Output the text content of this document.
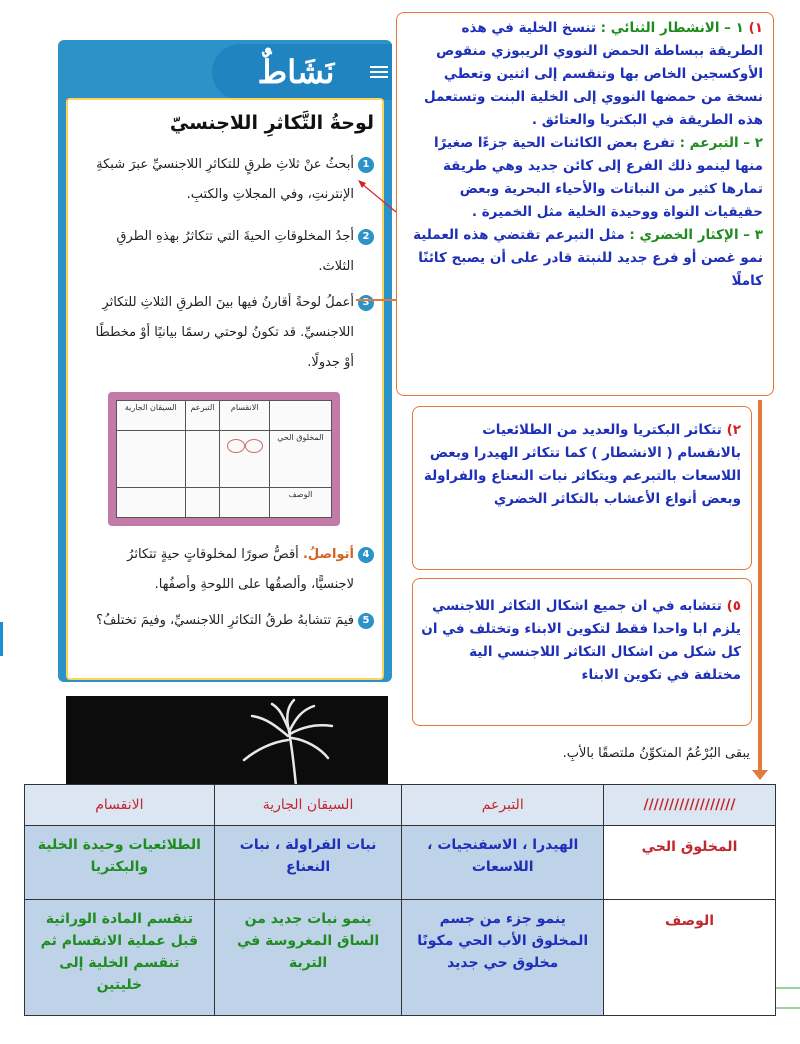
نَشَاطٌ
لوحةُ التَّكاثرِ اللاجنسيّ
1
أبحثُ عنْ ثلاثِ طرقٍ للتكاثرِ اللاجنسيِّ عبرَ شبكةِ الإنترنتِ، وفي المجلاتِ والكتبِ.
2
أجدُ المخلوقاتِ الحيةَ التي تتكاثرُ بهذهِ الطرقِ الثلاث.
3
أعملُ لوحةً أقارنُ فيها بينَ الطرقِ الثلاثِ للتكاثرِ اللاجنسيِّ. قد تكونُ لوحتي رسمًا بيانيًا أوْ مخططًا أوْ جدولًا.
	الانقسام	التبرعم	السيقان الجارية
المخلوق الحي			
الوصف			
4
أتواصلُ. أقصُّ صورًا لمخلوقاتٍ حيةٍ تتكاثرُ لاجنسيًّا، وألصقُها على اللوحةِ وأصفُها.
5
فيمَ تتشابهُ طرقُ التكاثرِ اللاجنسيِّ، وفيمَ تختلفُ؟
يبقى البُرْعُمُ المتكوِّنُ ملتصقًا بالأبِ.
١) ١ – الانشطار الثنائي : تنسخ الخلية في هذه الطريقة ببساطة الحمض النووي الريبوزي منقوص الأوكسجين الخاص بها وتنقسم إلى اثنين وتعطي نسخة من حمضها النووي إلى الخلية البنت وتستعمل هذه الطريقة في البكتريا والعتائق .
٢ – التبرعم : تفرع بعض الكائنات الحية جزءًا صغيرًا منها لينمو ذلك الفرع إلى كائن جديد وهي طريقة تمارها كثير من النباتات والأحياء البحرية وبعض حقيقيات النواة ووحيدة الخلية مثل الخميرة .
٣ – الإكثار الخضري : مثل التبرعم تقتضي هذه العملية نمو غصن أو فرع جديد للنبتة قادر على أن يصبح كائنًا كاملًا
٢) تتكاثر البكتريا والعديد من الطلائعيات بالانقسام ( الانشطار ) كما تتكاثر الهيدرا وبعض اللاسعات بالتبرعم ويتكاثر نبات النعناع والفراولة وبعض أنواع الأعشاب بالتكاثر الخضري
٥) تتشابه في ان جميع اشكال التكاثر اللاجنسي يلزم ابا واحدا فقط لتكوين الابناء وتختلف في ان كل شكل من اشكال التكاثر اللاجنسي الية مختلفة في تكوين الابناء
//////////////////	التبرعم	السيقان الجارية	الانقسام
المخلوق الحي	الهيدرا ، الاسفنجيات ، اللاسعات	نبات الفراولة ، نبات النعناع	الطلائعيات وحيدة الخلية والبكتريا
الوصف	ينمو جزء من جسم المخلوق الأب الحي مكونًا مخلوق حي جديد	ينمو نبات جديد من الساق المغروسة في التربة	تنقسم المادة الوراثية قبل عملية الانقسام ثم تنقسم الخلية إلى خليتين
